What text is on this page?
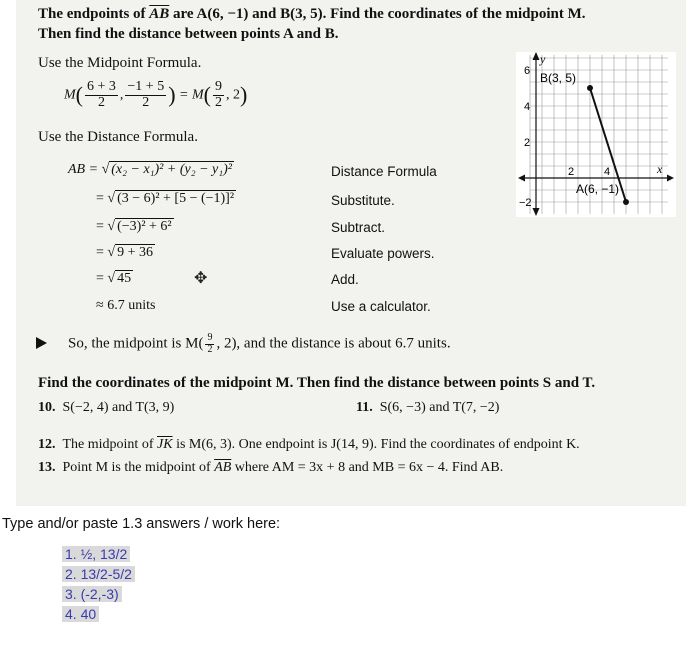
The endpoints of $\overline{AB}$ are A(6, −1) and B(3, 5). Find the coordinates of the midpoint M.
Then find the distance between points A and B.
Use the Midpoint Formula.
$M( \frac{6 + 3}{2}$ , $\frac{-1 + 5}{2}$ ) = $M( \frac{9}{2}$ , 2)
Use the Distance Formula.
AB = √ (x₂ − x₁)² + (y₂ − y₁)²
= √ (3 − 6)² + [5 − (−1)]²
= √ (−3)² + 6²
= √ 9 + 36
= √ 45
≈ 6.7 units
✥
Distance Formula
Substitute.
Subtract.
Evaluate powers.
Add.
Use a calculator.
y
x
6
4
2
−2
2	4
B(3, 5)
A(6, −1)
So, the midpoint is $M( \frac{9}{2}$ , 2), and the distance is about 6.7 units.
Find the coordinates of the midpoint M. Then find the distance between points S and T.
10. S(−2, 4) and T(3, 9)	11. S(6, −3) and T(7, −2)
12. The midpoint of $\overline{JK}$ is M(6, 3). One endpoint is J(14, 9). Find the coordinates of endpoint K.
13. Point M is the midpoint of $\overline{AB}$ where AM = 3x + 8 and MB = 6x − 4. Find AB.
Type and/or paste 1.3 answers / work here:
1. ½, 13/2
2. 13/2-5/2
3. (-2,-3)
4. 40
